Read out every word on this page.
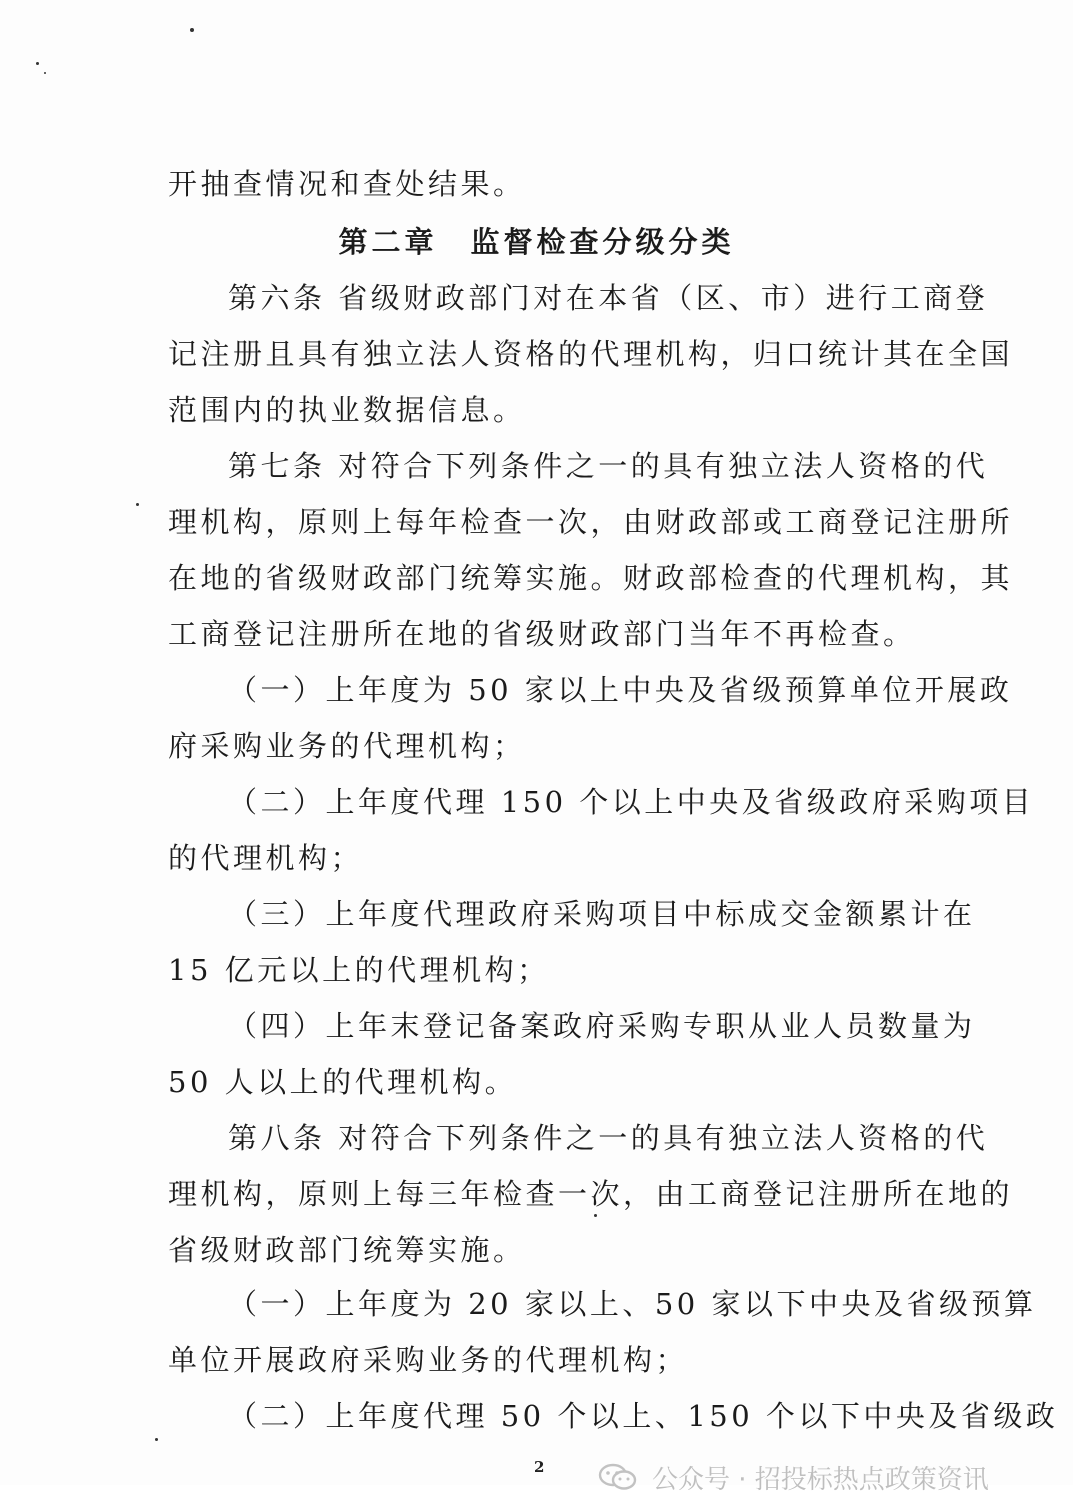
开抽查情况和查处结果。
第二章　监督检查分级分类
第六条 省级财政部门对在本省（区、市）进行工商登
记注册且具有独立法人资格的代理机构，归口统计其在全国
范围内的执业数据信息。
第七条 对符合下列条件之一的具有独立法人资格的代
理机构，原则上每年检查一次，由财政部或工商登记注册所
在地的省级财政部门统筹实施。财政部检查的代理机构，其
工商登记注册所在地的省级财政部门当年不再检查。
（一）上年度为 50 家以上中央及省级预算单位开展政
府采购业务的代理机构；
（二）上年度代理 150 个以上中央及省级政府采购项目
的代理机构；
（三）上年度代理政府采购项目中标成交金额累计在
15 亿元以上的代理机构；
（四）上年末登记备案政府采购专职从业人员数量为
50 人以上的代理机构。
第八条 对符合下列条件之一的具有独立法人资格的代
理机构，原则上每三年检查一次，由工商登记注册所在地的
省级财政部门统筹实施。
（一）上年度为 20 家以上、50 家以下中央及省级预算
单位开展政府采购业务的代理机构；
（二）上年度代理 50 个以上、150 个以下中央及省级政
2	公众号 · 招投标热点政策资讯
